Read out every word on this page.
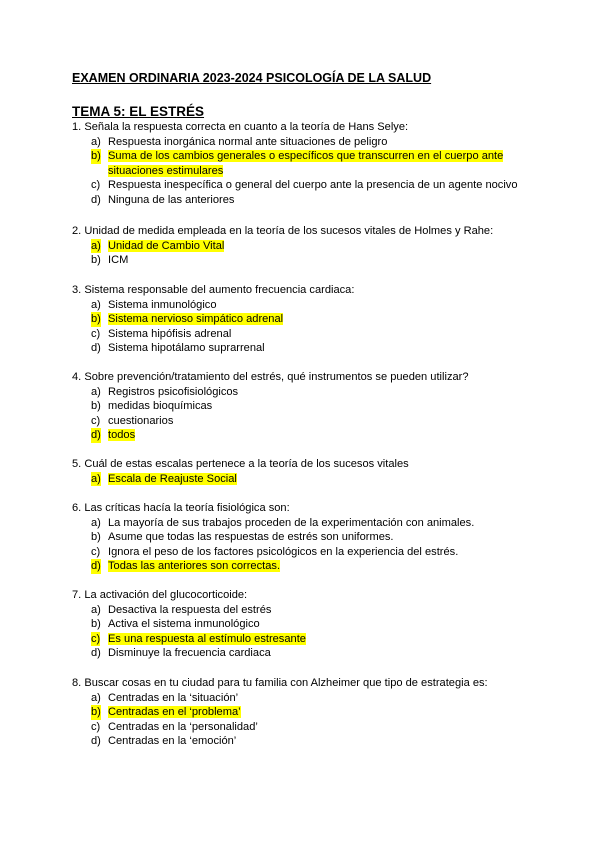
EXAMEN ORDINARIA 2023-2024 PSICOLOGÍA DE LA SALUD
TEMA 5: EL ESTRÉS
1. Señala la respuesta correcta en cuanto a la teoría de Hans Selye:
a) Respuesta inorgánica normal ante situaciones de peligro
b) Suma de los cambios generales o específicos que transcurren en el cuerpo ante
situaciones estimulares
c) Respuesta inespecífica o general del cuerpo ante la presencia de un agente nocivo
d) Ninguna de las anteriores
2. Unidad de medida empleada en la teoría de los sucesos vitales de Holmes y Rahe:
a) Unidad de Cambio Vital
b) ICM
3. Sistema responsable del aumento frecuencia cardiaca:
a) Sistema inmunológico
b) Sistema nervioso simpático adrenal
c) Sistema hipófisis adrenal
d) Sistema hipotálamo suprarrenal
4. Sobre prevención/tratamiento del estrés, qué instrumentos se pueden utilizar?
a) Registros psicofisiológicos
b) medidas bioquímicas
c) cuestionarios
d) todos
5. Cuál de estas escalas pertenece a la teoría de los sucesos vitales
a) Escala de Reajuste Social
6. Las críticas hacía la teoría fisiológica son:
a) La mayoría de sus trabajos proceden de la experimentación con animales.
b) Asume que todas las respuestas de estrés son uniformes.
c) Ignora el peso de los factores psicológicos en la experiencia del estrés.
d) Todas las anteriores son correctas.
7. La activación del glucocorticoide:
a) Desactiva la respuesta del estrés
b) Activa el sistema inmunológico
c) Es una respuesta al estímulo estresante
d) Disminuye la frecuencia cardiaca
8. Buscar cosas en tu ciudad para tu familia con Alzheimer que tipo de estrategia es:
a) Centradas en la ‘situación’
b) Centradas en el ‘problema’
c) Centradas en la ‘personalidad’
d) Centradas en la ‘emoción’
